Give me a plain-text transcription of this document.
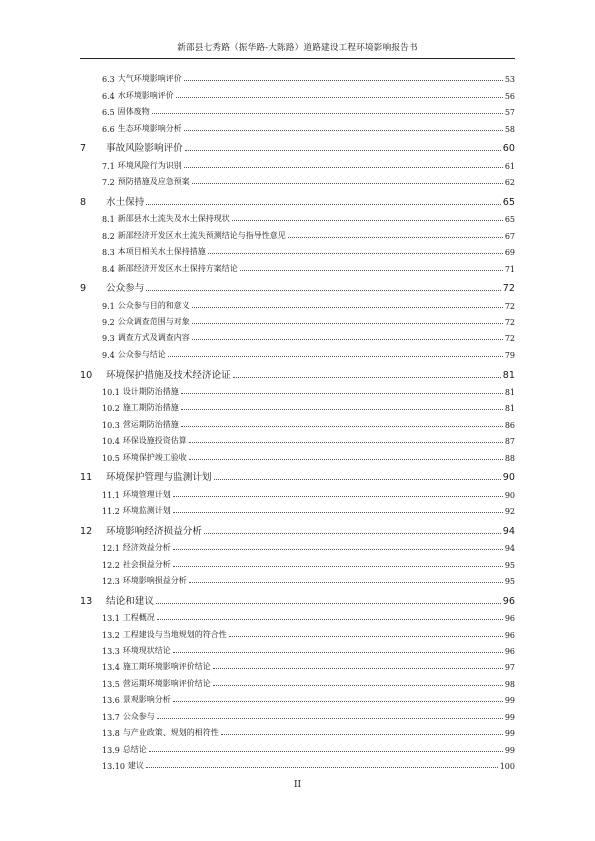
新邵县七秀路（振华路-大陈路）道路建设工程环境影响报告书
6.3 大气环境影响评价	53
6.4 水环境影响评价	56
6.5 固体废物	57
6.6 生态环境影响分析	58
7	事故风险影响评价	60
7.1 环境风险行为识别	61
7.2 预防措施及应急预案	62
8	水土保持	65
8.1 新邵县水土流失及水土保持现状	65
8.2 新邵经济开发区水土流失预测结论与指导性意见	67
8.3 本项目相关水土保持措施	69
8.4 新邵经济开发区水土保持方案结论	71
9	公众参与	72
9.1 公众参与目的和意义	72
9.2 公众调查范围与对象	72
9.3 调查方式及调查内容	72
9.4 公众参与结论	79
10	环境保护措施及技术经济论证	81
10.1 设计期防治措施	81
10.2 施工期防治措施	81
10.3 营运期防治措施	86
10.4 环保设施投资估算	87
10.5 环境保护竣工验收	88
11	环境保护管理与监测计划	90
11.1 环境管理计划	90
11.2 环境监测计划	92
12	环境影响经济损益分析	94
12.1 经济效益分析	94
12.2 社会损益分析	95
12.3 环境影响损益分析	95
13	结论和建议	96
13.1 工程概况	96
13.2 工程建设与当地规划的符合性	96
13.3 环境现状结论	96
13.4 施工期环境影响评价结论	97
13.5 营运期环境影响评价结论	98
13.6 景观影响分析	99
13.7 公众参与	99
13.8 与产业政策、规划的相符性	99
13.9 总结论	99
13.10 建议	100
II
